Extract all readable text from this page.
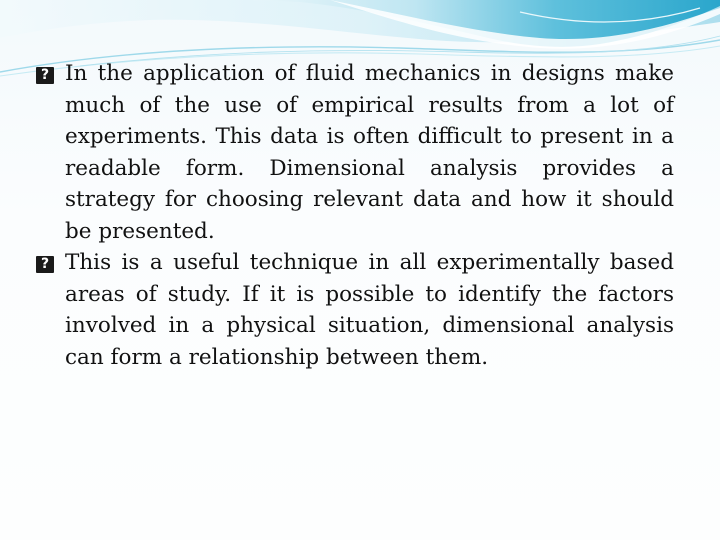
?
In the application of fluid mechanics in designs make much of the use of empirical results from a lot of experiments. This data is often difficult to present in a readable form. Dimensional analysis provides a strategy for choosing relevant data and how it should be presented.

?
This is a useful technique in all experimentally based areas of study. If it is possible to identify the factors involved in a physical situation, dimensional analysis can form a relationship between them.
